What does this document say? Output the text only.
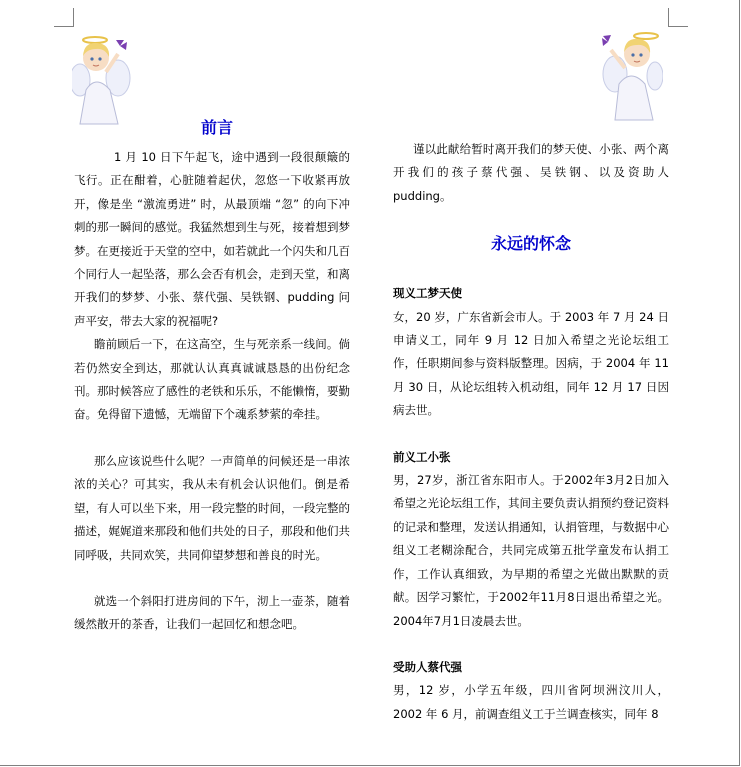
前言

1 月 10 日下午起飞，途中遇到一段很颠簸的飞行。正在酣着，心脏随着起伏，忽悠一下收紧再放开，像是坐 “激流勇进” 时，从最顶端 “忽” 的向下冲刺的那一瞬间的感觉。我猛然想到生与死，接着想到梦梦。在更接近于天堂的空中，如若就此一个闪失和几百个同行人一起坠落，那么会否有机会，走到天堂，和离开我们的梦梦、小张、蔡代强、吴铁钢、pudding 问声平安，带去大家的祝福呢?

瞻前顾后一下，在这高空，生与死亲系一线间。倘若仍然安全到达，那就认认真真诚诚恳恳的出份纪念刊。那时候答应了感性的老铁和乐乐，不能懒惰，要勤奋。免得留下遗憾，无端留下个魂系梦萦的牵挂。

那么应该说些什么呢？一声简单的问候还是一串浓浓的关心？可其实，我从未有机会认识他们。倒是希望，有人可以坐下来，用一段完整的时间，一段完整的描述，娓娓道来那段和他们共处的日子，那段和他们共同呼吸，共同欢笑，共同仰望梦想和善良的时光。

就选一个斜阳打进房间的下午，沏上一壶茶，随着缓然散开的茶香，让我们一起回忆和想念吧。

谨以此献给暂时离开我们的梦天使、小张、两个离开我们的孩子蔡代强、吴铁钢、以及资助人 pudding。

永远的怀念
现义工梦天使

女，20 岁，广东省新会市人。于 2003 年 7 月 24 日申请义工，同年 9 月 12 日加入希望之光论坛组工作，任职期间参与资料版整理。因病，于 2004 年 11 月 30 日，从论坛组转入机动组，同年 12 月 17 日因病去世。

前义工小张

男，27岁，浙江省东阳市人。于2002年3月2日加入希望之光论坛组工作，其间主要负责认捐预约登记资料的记录和整理，发送认捐通知，认捐管理，与数据中心组义工老糊涂配合，共同完成第五批学童发布认捐工作，工作认真细致，为早期的希望之光做出默默的贡献。因学习繁忙，于2002年11月8日退出希望之光。2004年7月1日凌晨去世。

受助人蔡代强

男，12 岁，小学五年级，四川省阿坝洲汶川人，2002 年 6 月，前调查组义工于兰调查核实，同年 8
